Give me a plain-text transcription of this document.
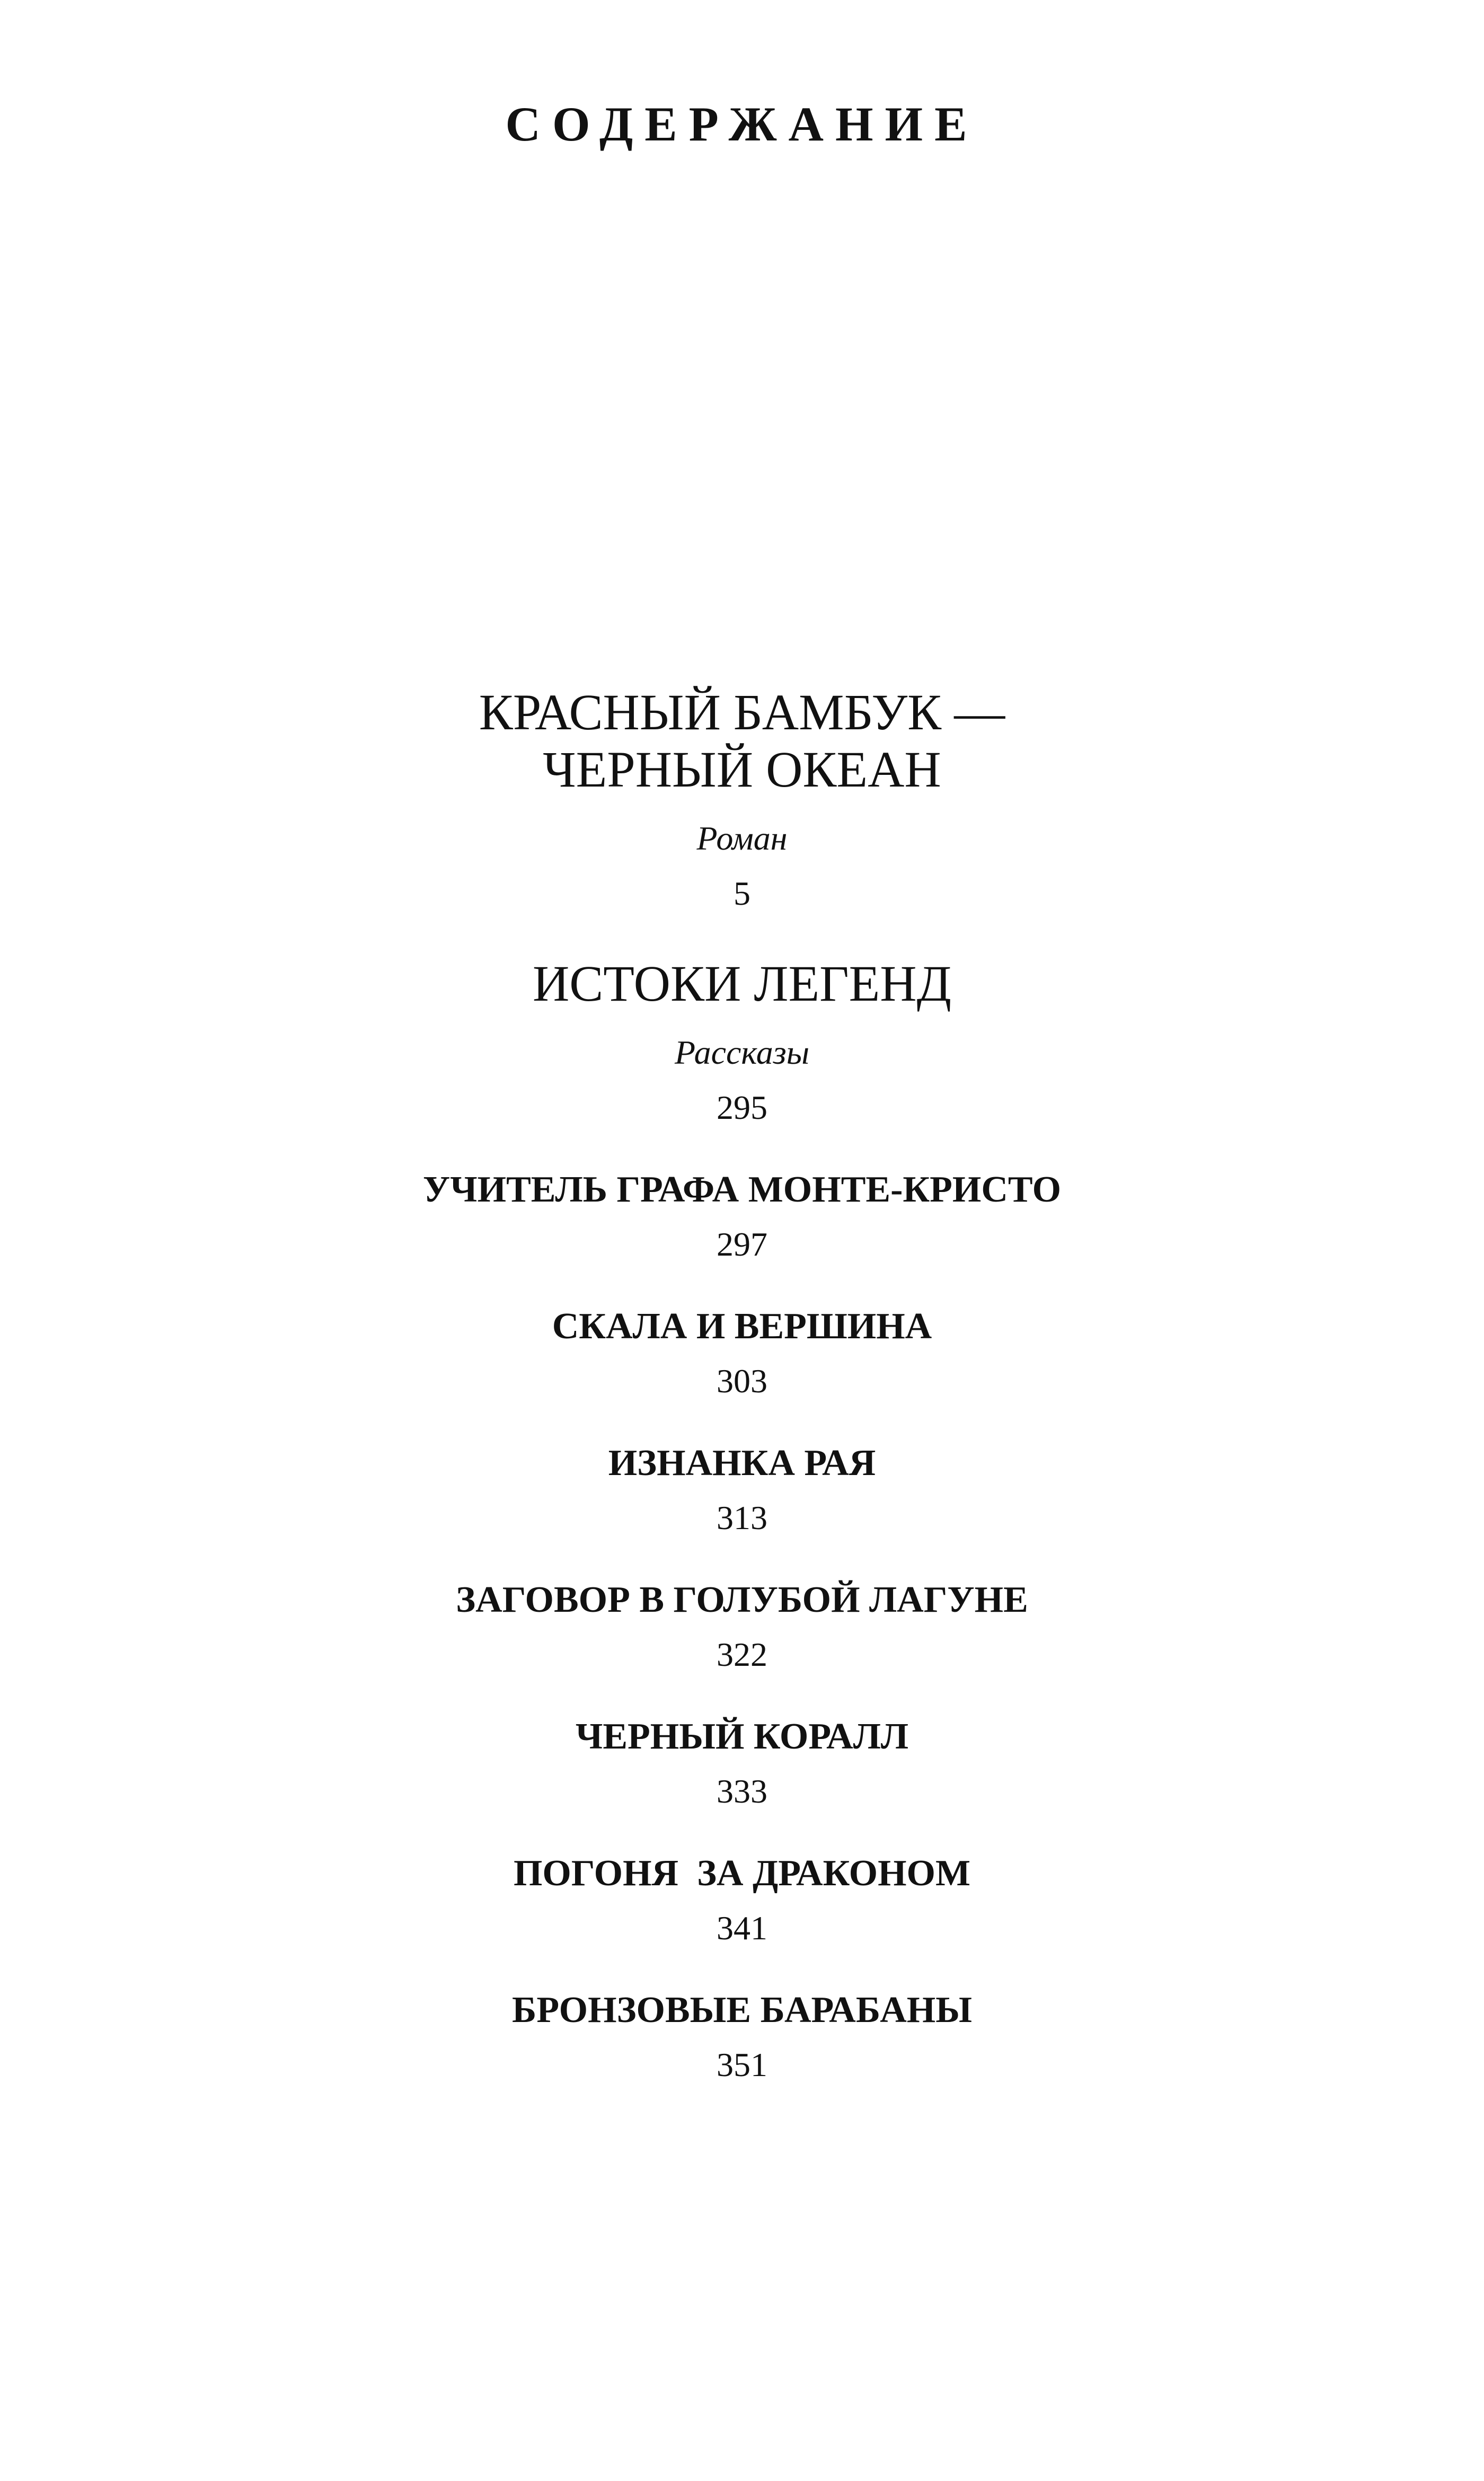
СОДЕРЖАНИЕ
КРАСНЫЙ БАМБУК —
ЧЕРНЫЙ ОКЕАН
Роман
5
ИСТОКИ ЛЕГЕНД
Рассказы
295
УЧИТЕЛЬ ГРАФА МОНТЕ-КРИСТО
297
СКАЛА И ВЕРШИНА
303
ИЗНАНКА РАЯ
313
ЗАГОВОР В ГОЛУБОЙ ЛАГУНЕ
322
ЧЕРНЫЙ КОРАЛЛ
333
ПОГОНЯ  ЗА ДРАКОНОМ
341
БРОНЗОВЫЕ БАРАБАНЫ
351
